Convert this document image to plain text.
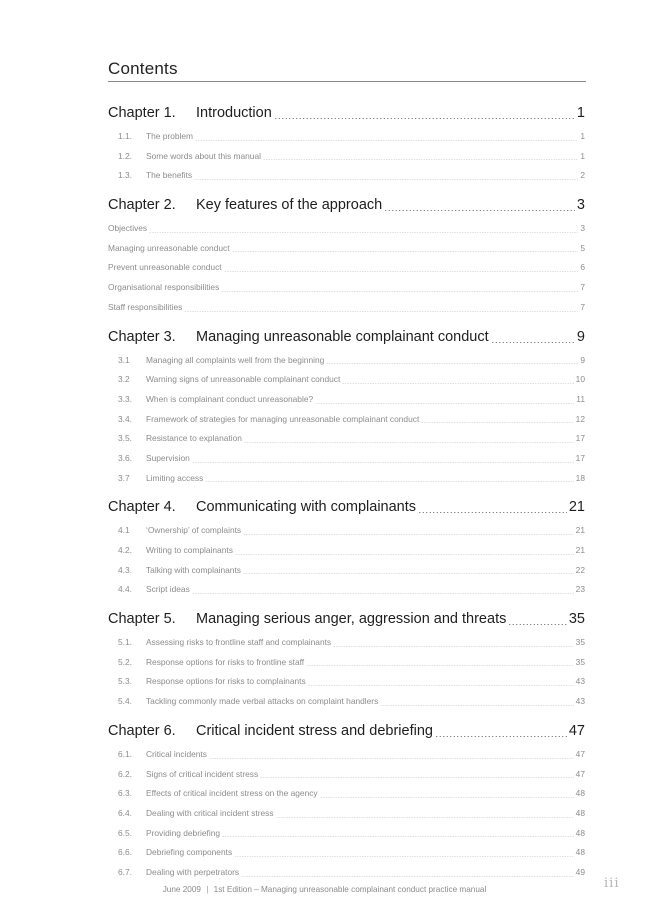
Contents
Chapter 1.	Introduction	1
1.1.	The problem	1
1.2.	Some words about this manual	1
1.3.	The benefits	2
Chapter 2.	Key features of the approach	3
Objectives	3
Managing unreasonable conduct	5
Prevent unreasonable conduct	6
Organisational responsibilities	7
Staff responsibilities	7
Chapter 3.	Managing unreasonable complainant conduct	9
3.1	Managing all complaints well from the beginning	9
3.2	Warning signs of unreasonable complainant conduct	10
3.3.	When is complainant conduct unreasonable?	11
3.4.	Framework of strategies for managing unreasonable complainant conduct	12
3.5.	Resistance to explanation	17
3.6.	Supervision	17
3.7	Limiting access	18
Chapter 4.	Communicating with complainants	21
4.1	‘Ownership’ of complaints	21
4.2.	Writing to complainants	21
4.3.	Talking with complainants	22
4.4.	Script ideas	23
Chapter 5.	Managing serious anger, aggression and threats	35
5.1.	Assessing risks to frontline staff and complainants	35
5.2.	Response options for risks to frontline staff	35
5.3.	Response options for risks to complainants	43
5.4.	Tackling commonly made verbal attacks on complaint handlers	43
Chapter 6.	Critical incident stress and debriefing	47
6.1.	Critical incidents	47
6.2.	Signs of critical incident stress	47
6.3.	Effects of critical incident stress on the agency	48
6.4.	Dealing with critical incident stress	48
6.5.	Providing debriefing	48
6.6.	Debriefing components	48
6.7.	Dealing with perpetrators	49
June 2009 | 1st Edition – Managing unreasonable complainant conduct practice manual	iii
